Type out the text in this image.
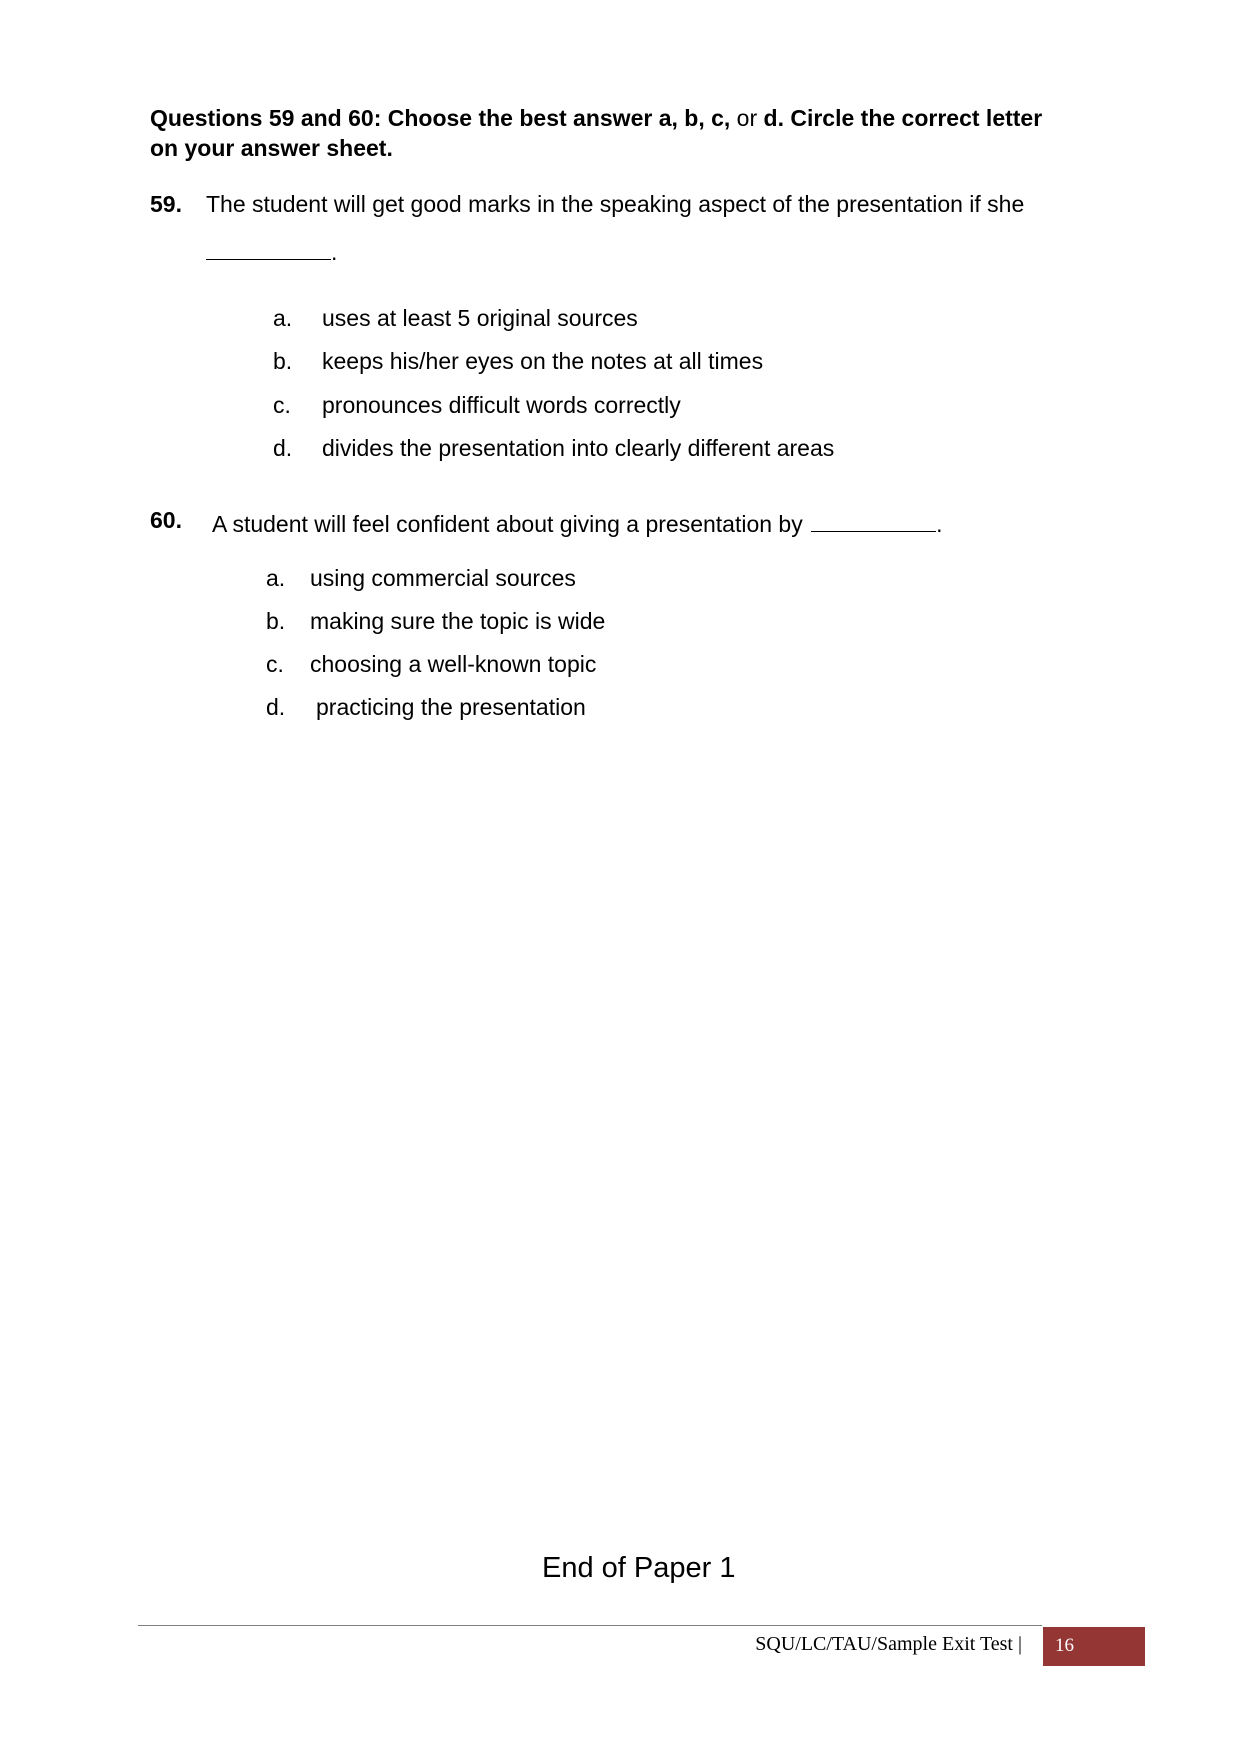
Questions 59 and 60: Choose the best answer a, b, c, or d. Circle the correct letter
on your answer sheet.
59. The student will get good marks in the speaking aspect of the presentation if she
.
a. uses at least 5 original sources
b. keeps his/her eyes on the notes at all times
c. pronounces difficult words correctly
d. divides the presentation into clearly different areas
60. A student will feel confident about giving a presentation by	.
a. using commercial sources
b. making sure the topic is wide
c. choosing a well-known topic
d. practicing the presentation
End of Paper 1
SQU/LC/TAU/Sample Exit Test | 16
